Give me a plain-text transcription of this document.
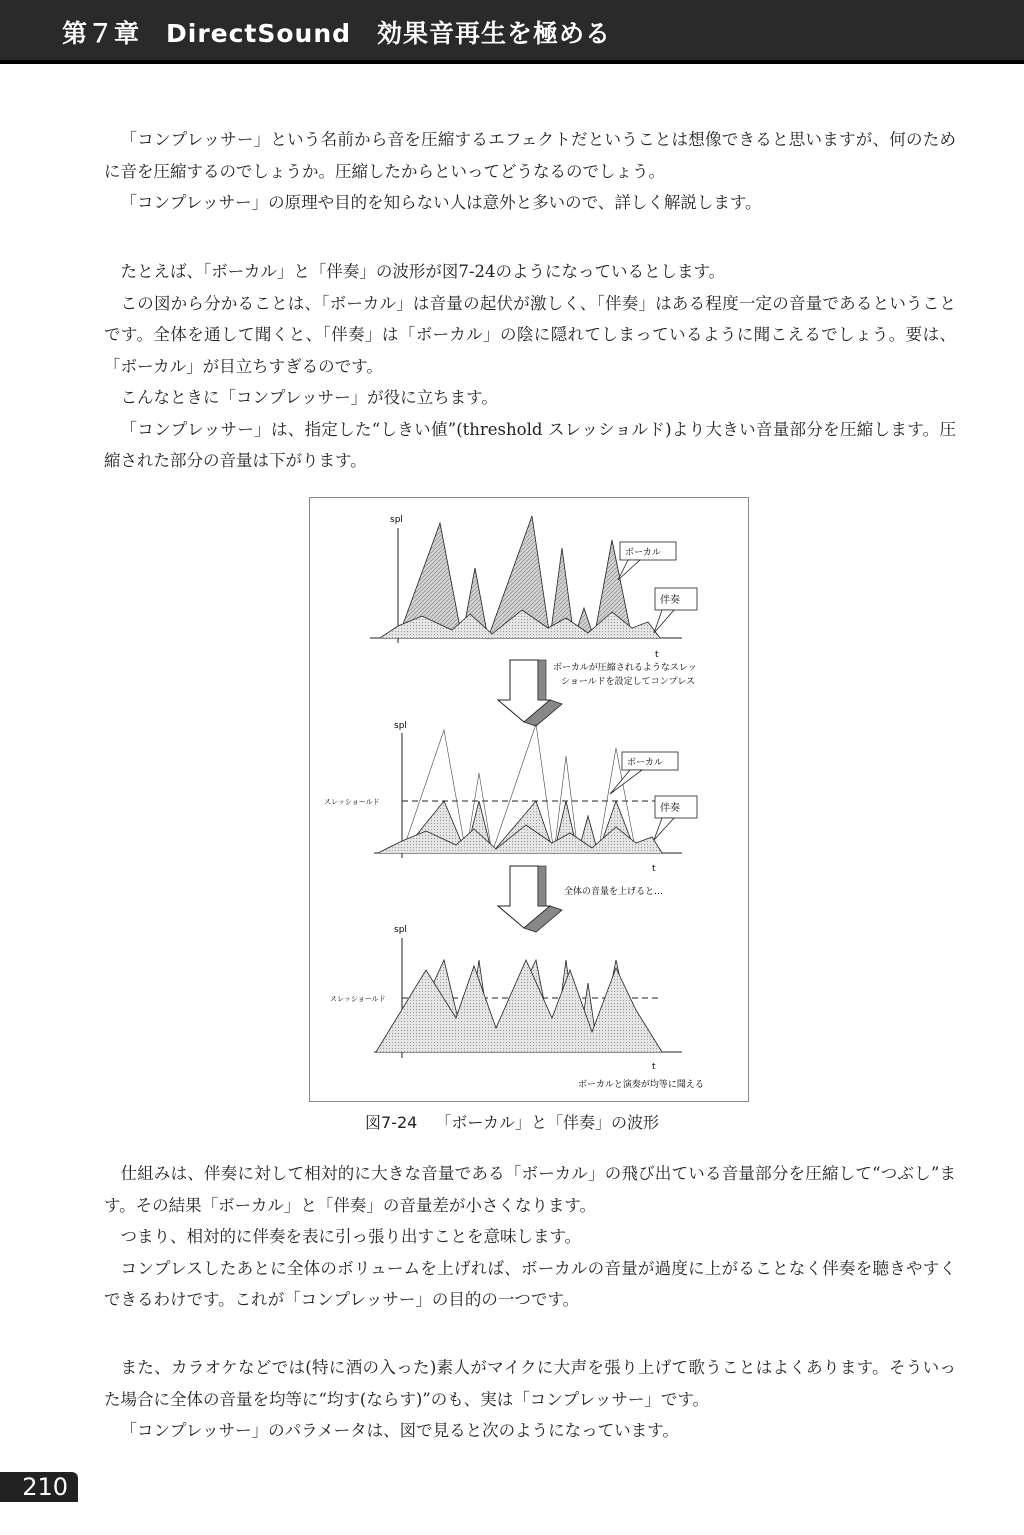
第７章　DirectSound　効果音再生を極める

「コンプレッサー」という名前から音を圧縮するエフェクトだということは想像できると思いますが、何のために音を圧縮するのでしょうか。圧縮したからといってどうなるのでしょう。

「コンプレッサー」の原理や目的を知らない人は意外と多いので、詳しく解説します。

たとえば、「ボーカル」と「伴奏」の波形が図7-24のようになっているとします。

この図から分かることは、「ボーカル」は音量の起伏が激しく、「伴奏」はある程度一定の音量であるということです。全体を通して聞くと、「伴奏」は「ボーカル」の陰に隠れてしまっているように聞こえるでしょう。要は、「ボーカル」が目立ちすぎるのです。

こんなときに「コンプレッサー」が役に立ちます。

「コンプレッサー」は、指定した“しきい値”(threshold スレッショルド)より大きい音量部分を圧縮します。圧縮された部分の音量は下がります。

spl
t
ボーカル
伴奏
ボーカルが圧縮されるようなスレッ
ショールドを設定してコンプレス
spl
t
スレッショールド
ボーカル
伴奏
全体の音量を上げると…
spl
t
スレッショールド
ボーカルと演奏が均等に聞える
図7-24 「ボーカル」と「伴奏」の波形

仕組みは、伴奏に対して相対的に大きな音量である「ボーカル」の飛び出ている音量部分を圧縮して“つぶし”ます。その結果「ボーカル」と「伴奏」の音量差が小さくなります。

つまり、相対的に伴奏を表に引っ張り出すことを意味します。

コンプレスしたあとに全体のボリュームを上げれば、ボーカルの音量が過度に上がることなく伴奏を聴きやすくできるわけです。これが「コンプレッサー」の目的の一つです。

また、カラオケなどでは(特に酒の入った)素人がマイクに大声を張り上げて歌うことはよくあります。そういった場合に全体の音量を均等に“均す(ならす)”のも、実は「コンプレッサー」です。

「コンプレッサー」のパラメータは、図で見ると次のようになっています。

210
